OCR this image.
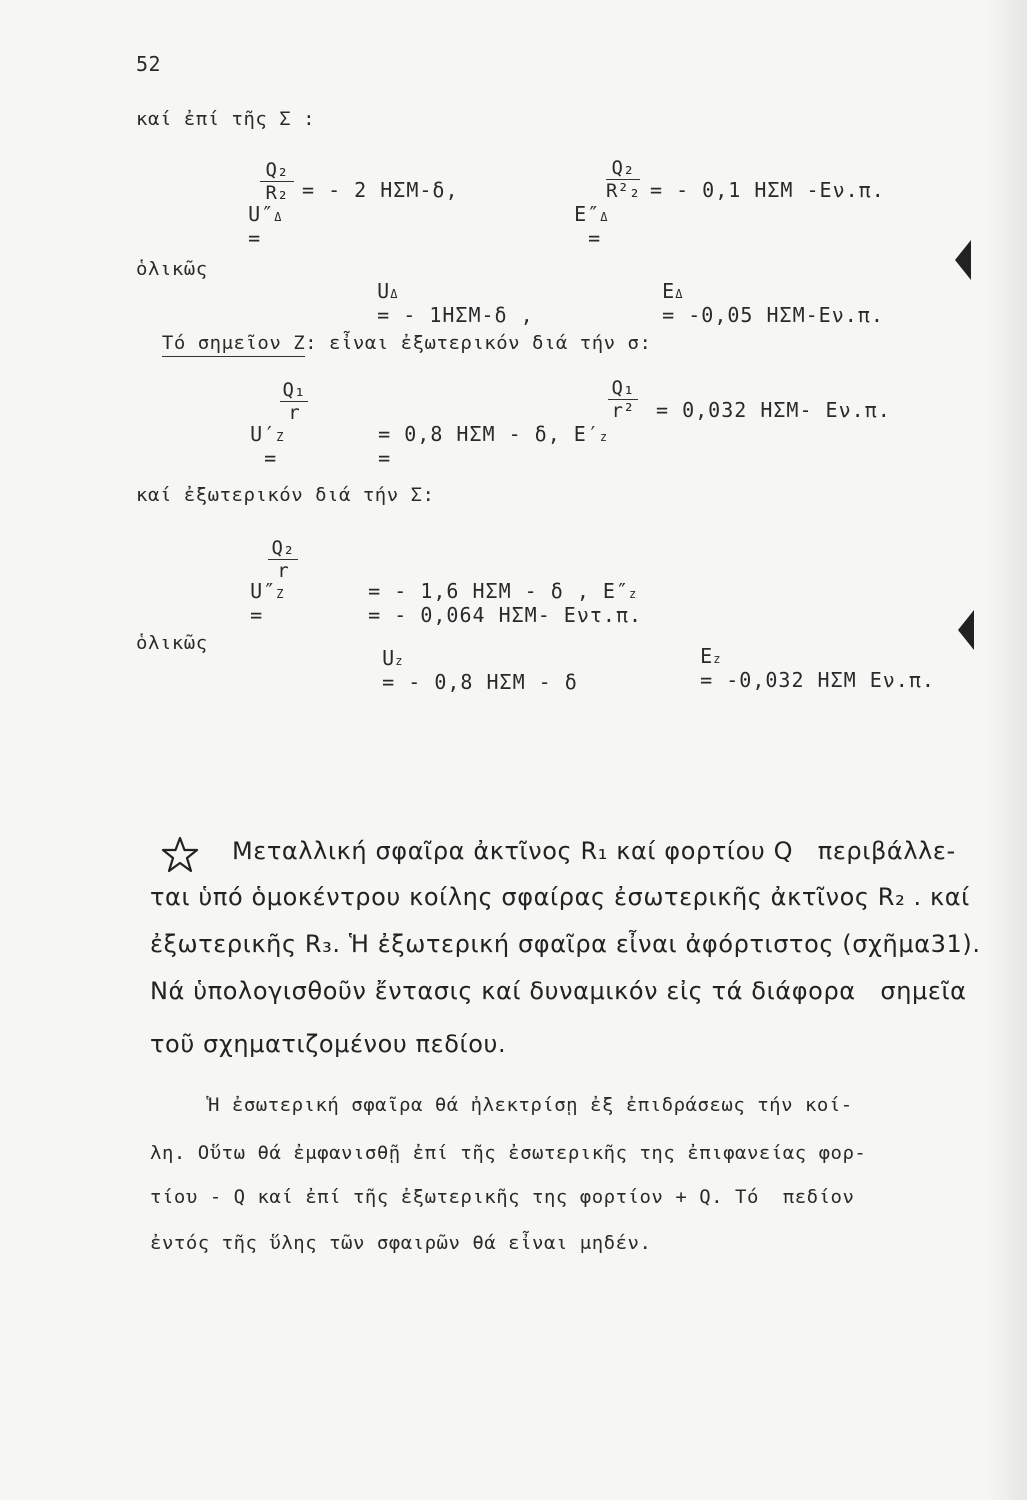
52
καί ἐπί τῆς Σ :

U″Δ
=

Q₂
R₂ = - 2 ΗΣΜ-δ,

E″Δ
=

Q₂
R²₂ = - 0,1 ΗΣΜ -Εν.π.
ὁλικῶς

UΔ
= - 1ΗΣΜ-δ ,

EΔ
= -0,05 ΗΣΜ-Εν.π.

Τό σημεῖον Ζ: εἶναι ἐξωτερικόν διά τήν σ:

U′Z
=

Q₁
r

= 0,8 ΗΣΜ - δ, E′z
=

Q₁
r² = 0,032 ΗΣΜ- Εν.π.
καί ἐξωτερικόν διά τήν Σ:

U″Z
=

Q₂
r

= - 1,6 ΗΣΜ - δ , E″z
= - 0,064 ΗΣΜ- Εντ.π.

ὁλικῶς

Uz
= - 0,8 ΗΣΜ - δ

Ez
= -0,032 ΗΣΜ Εν.π.

Μεταλλική σφαῖρα ἀκτῖνος R₁ καί φορτίου Q   περιβάλλε-
ται ὑπό ὁμοκέντρου κοίλης σφαίρας ἐσωτερικῆς ἀκτῖνος R₂ . καί
ἐξωτερικῆς R₃. Ἡ ἐξωτερική σφαῖρα εἶναι ἀφόρτιστος (σχῆμα31).
Νά ὑπολογισθοῦν ἔντασις καί δυναμικόν εἰς τά διάφορα   σημεῖα
τοῦ σχηματιζομένου πεδίου.
Ἡ ἐσωτερική σφαῖρα θά ἠλεκτρίσῃ ἐξ ἐπιδράσεως τήν κοί-
λη. Οὕτω θά ἐμφανισθῇ ἐπί τῆς ἐσωτερικῆς της ἐπιφανείας φορ-
τίου - Q καί ἐπί τῆς ἐξωτερικῆς της φορτίον + Q. Τό  πεδίον
ἐντός τῆς ὕλης τῶν σφαιρῶν θά εἶναι μηδέν.
